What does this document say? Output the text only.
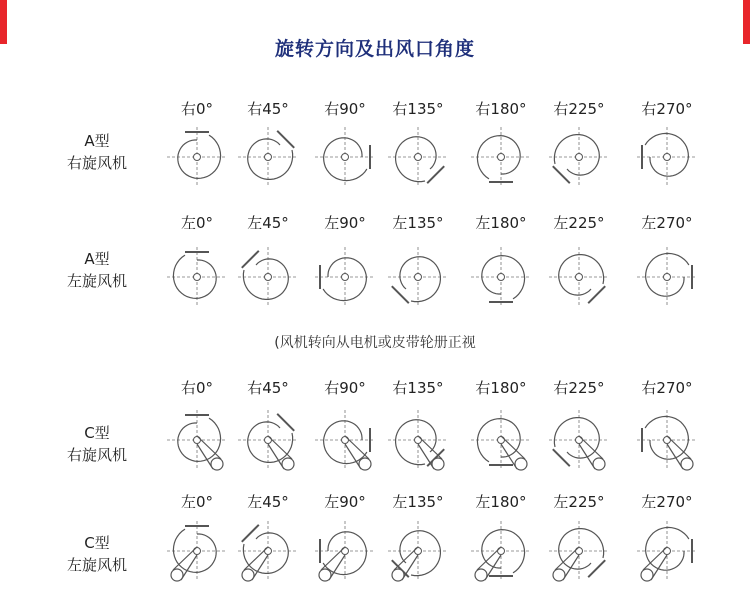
旋转方向及出风口角度
(风机转向从电机或皮带轮册正视
A型
右旋风机
右0°	右45°	右90°	右135°	右180°	右225°	右270°
A型
左旋风机
左0°	左45°	左90°	左135°	左180°	左225°	左270°
C型
右旋风机
右0°	右45°	右90°	右135°	右180°	右225°	右270°
C型
左旋风机
左0°	左45°	左90°	左135°	左180°	左225°	左270°
